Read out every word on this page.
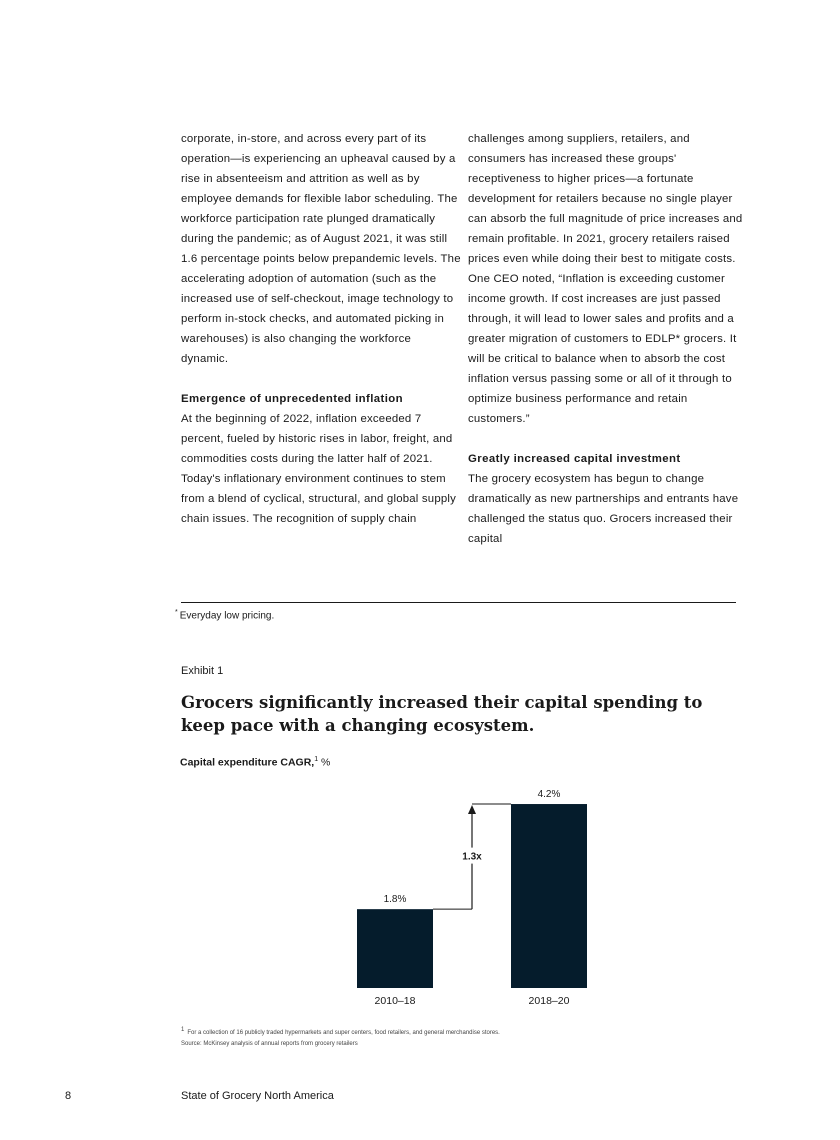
corporate, in-store, and across every part of its operation—is experiencing an upheaval caused by a rise in absenteeism and attrition as well as by employee demands for flexible labor scheduling. The workforce participation rate plunged dramatically during the pandemic; as of August 2021, it was still 1.6 percentage points below prepandemic levels. The accelerating adoption of automation (such as the increased use of self-checkout, image technology to perform in-stock checks, and automated picking in warehouses) is also changing the workforce dynamic.

Emergence of unprecedented inflation

At the beginning of 2022, inflation exceeded 7 percent, fueled by historic rises in labor, freight, and commodities costs during the latter half of 2021. Today's inflationary environment continues to stem from a blend of cyclical, structural, and global supply chain issues. The recognition of supply chain

challenges among suppliers, retailers, and consumers has increased these groups' receptiveness to higher prices—a fortunate development for retailers because no single player can absorb the full magnitude of price increases and remain profitable. In 2021, grocery retailers raised prices even while doing their best to mitigate costs. One CEO noted, “Inflation is exceeding customer income growth. If cost increases are just passed through, it will lead to lower sales and profits and a greater migration of customers to EDLP* grocers. It will be critical to balance when to absorb the cost inflation versus passing some or all of it through to optimize business performance and retain customers.”

Greatly increased capital investment

The grocery ecosystem has begun to change dramatically as new partnerships and entrants have challenged the status quo. Grocers increased their capital

* Everyday low pricing.
Exhibit 1
Grocers significantly increased their capital spending to keep pace with a changing ecosystem.
Capital expenditure CAGR,$^1$ %
1.8%
2010–18
4.2%
2018–20
1.3x
$^1$ For a collection of 16 publicly traded hypermarkets and super centers, food retailers, and general merchandise stores.
Source: McKinsey analysis of annual reports from grocery retailers
8	State of Grocery North America
